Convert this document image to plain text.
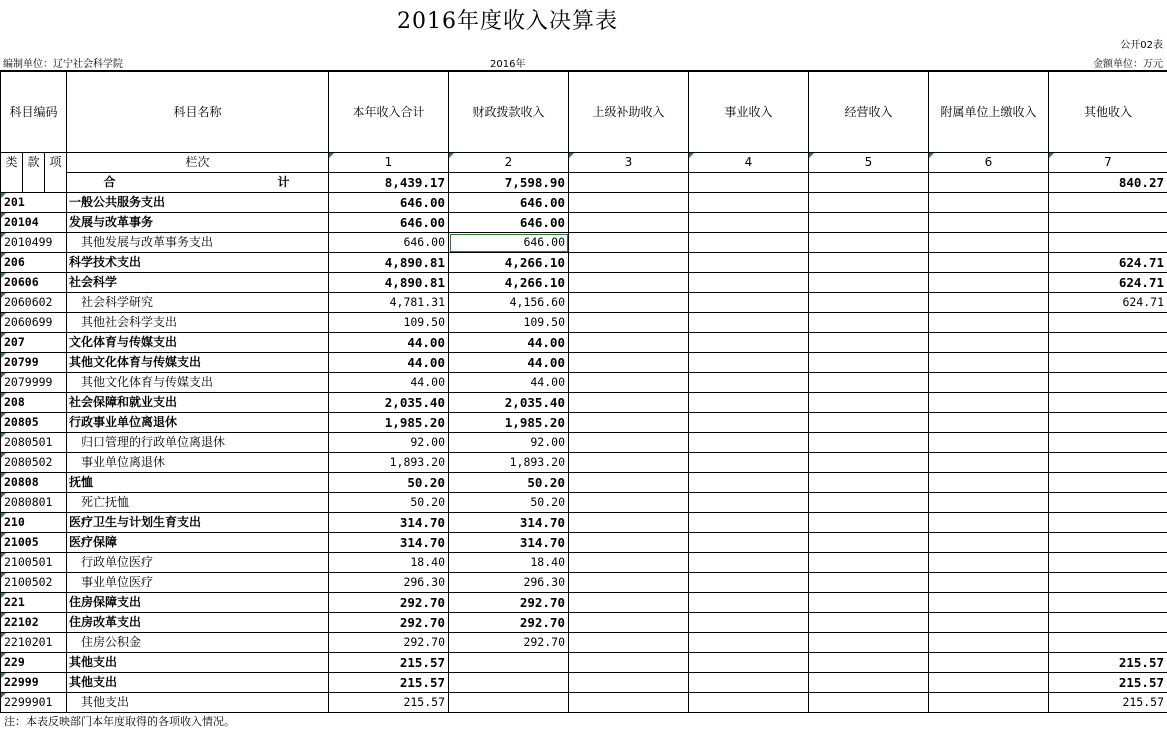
2016年度收入决算表
公开02表
编制单位：辽宁社会科学院	2016年	金额单位：万元
科目编码	科目名称	本年收入合计	财政拨款收入	上级补助收入	事业收入	经营收入	附属单位上缴收入	其他收入

类 款 项	栏次	1	2	3	4	5	6	7
	合 计	8,439.17	7,598.90					840.27
201	一般公共服务支出	646.00	646.00					
20104	发展与改革事务	646.00	646.00					
2010499	其他发展与改革事务支出	646.00	646.00					
206	科学技术支出	4,890.81	4,266.10					624.71
20606	社会科学	4,890.81	4,266.10					624.71
2060602	社会科学研究	4,781.31	4,156.60					624.71
2060699	其他社会科学支出	109.50	109.50					
207	文化体育与传媒支出	44.00	44.00					
20799	其他文化体育与传媒支出	44.00	44.00					
2079999	其他文化体育与传媒支出	44.00	44.00					
208	社会保障和就业支出	2,035.40	2,035.40					
20805	行政事业单位离退休	1,985.20	1,985.20					
2080501	归口管理的行政单位离退休	92.00	92.00					
2080502	事业单位离退休	1,893.20	1,893.20					
20808	抚恤	50.20	50.20					
2080801	死亡抚恤	50.20	50.20					
210	医疗卫生与计划生育支出	314.70	314.70					
21005	医疗保障	314.70	314.70					
2100501	行政单位医疗	18.40	18.40					
2100502	事业单位医疗	296.30	296.30					
221	住房保障支出	292.70	292.70					
22102	住房改革支出	292.70	292.70					
2210201	住房公积金	292.70	292.70					
229	其他支出	215.57						215.57
22999	其他支出	215.57						215.57
2299901	其他支出	215.57						215.57
注：本表反映部门本年度取得的各项收入情况。
